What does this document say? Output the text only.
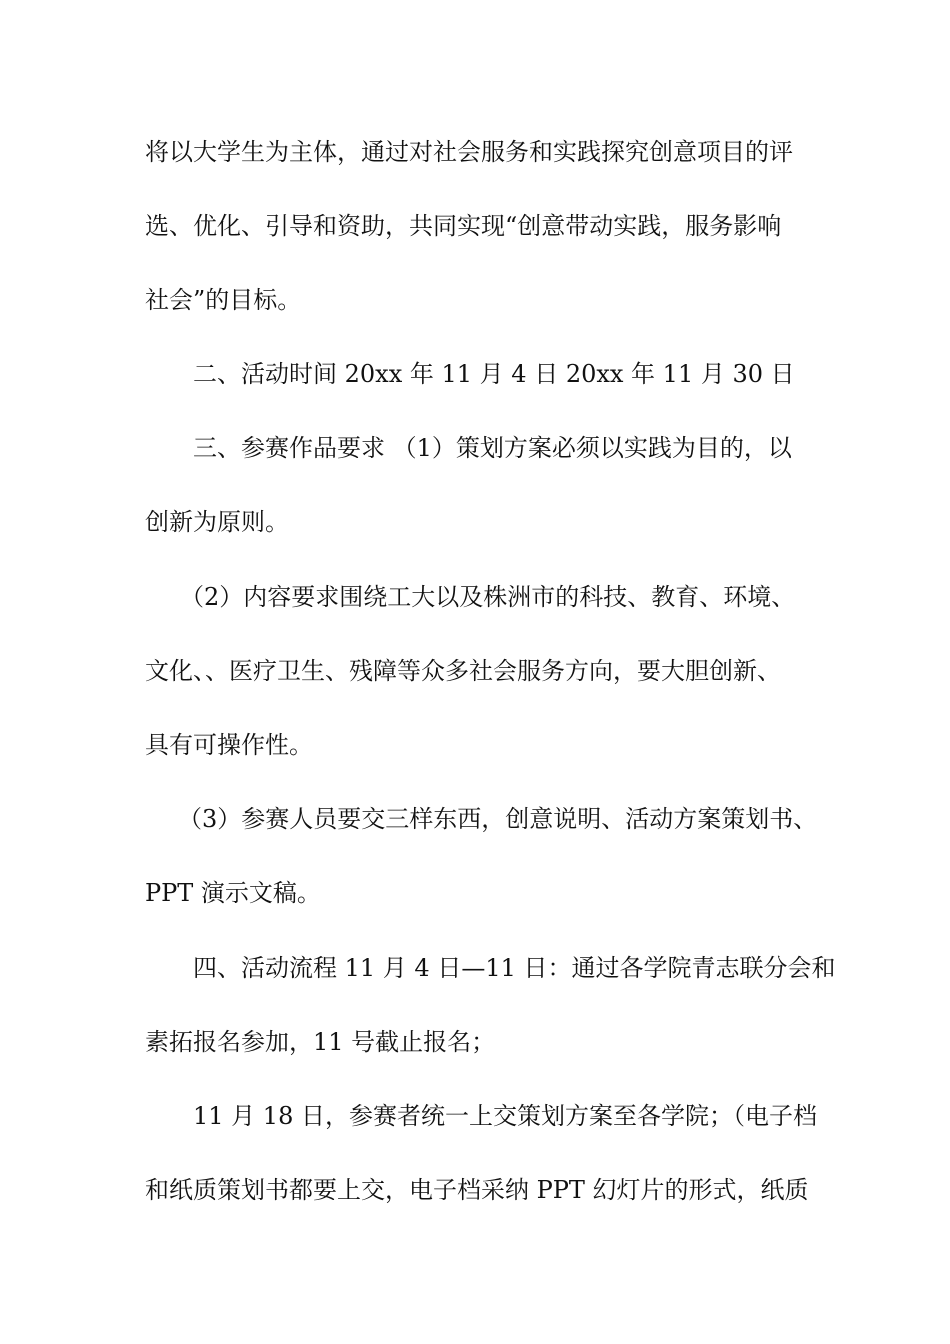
将以大学生为主体，通过对社会服务和实践探究创意项目的评
选、优化、引导和资助，共同实现“创意带动实践，服务影响
社会”的目标。
二、活动时间 20xx 年 11 月 4 日 20xx 年 11 月 30 日
三、参赛作品要求 （1）策划方案必须以实践为目的，以
创新为原则。
（2）内容要求围绕工大以及株洲市的科技、教育、环境、
文化、、医疗卫生、残障等众多社会服务方向，要大胆创新、
具有可操作性。
（3）参赛人员要交三样东西，创意说明、活动方案策划书、
PPT 演示文稿。
四、活动流程 11 月 4 日—11 日：通过各学院青志联分会和
素拓报名参加，11 号截止报名；
11 月 18 日，参赛者统一上交策划方案至各学院；（电子档
和纸质策划书都要上交，电子档采纳 PPT 幻灯片的形式，纸质
